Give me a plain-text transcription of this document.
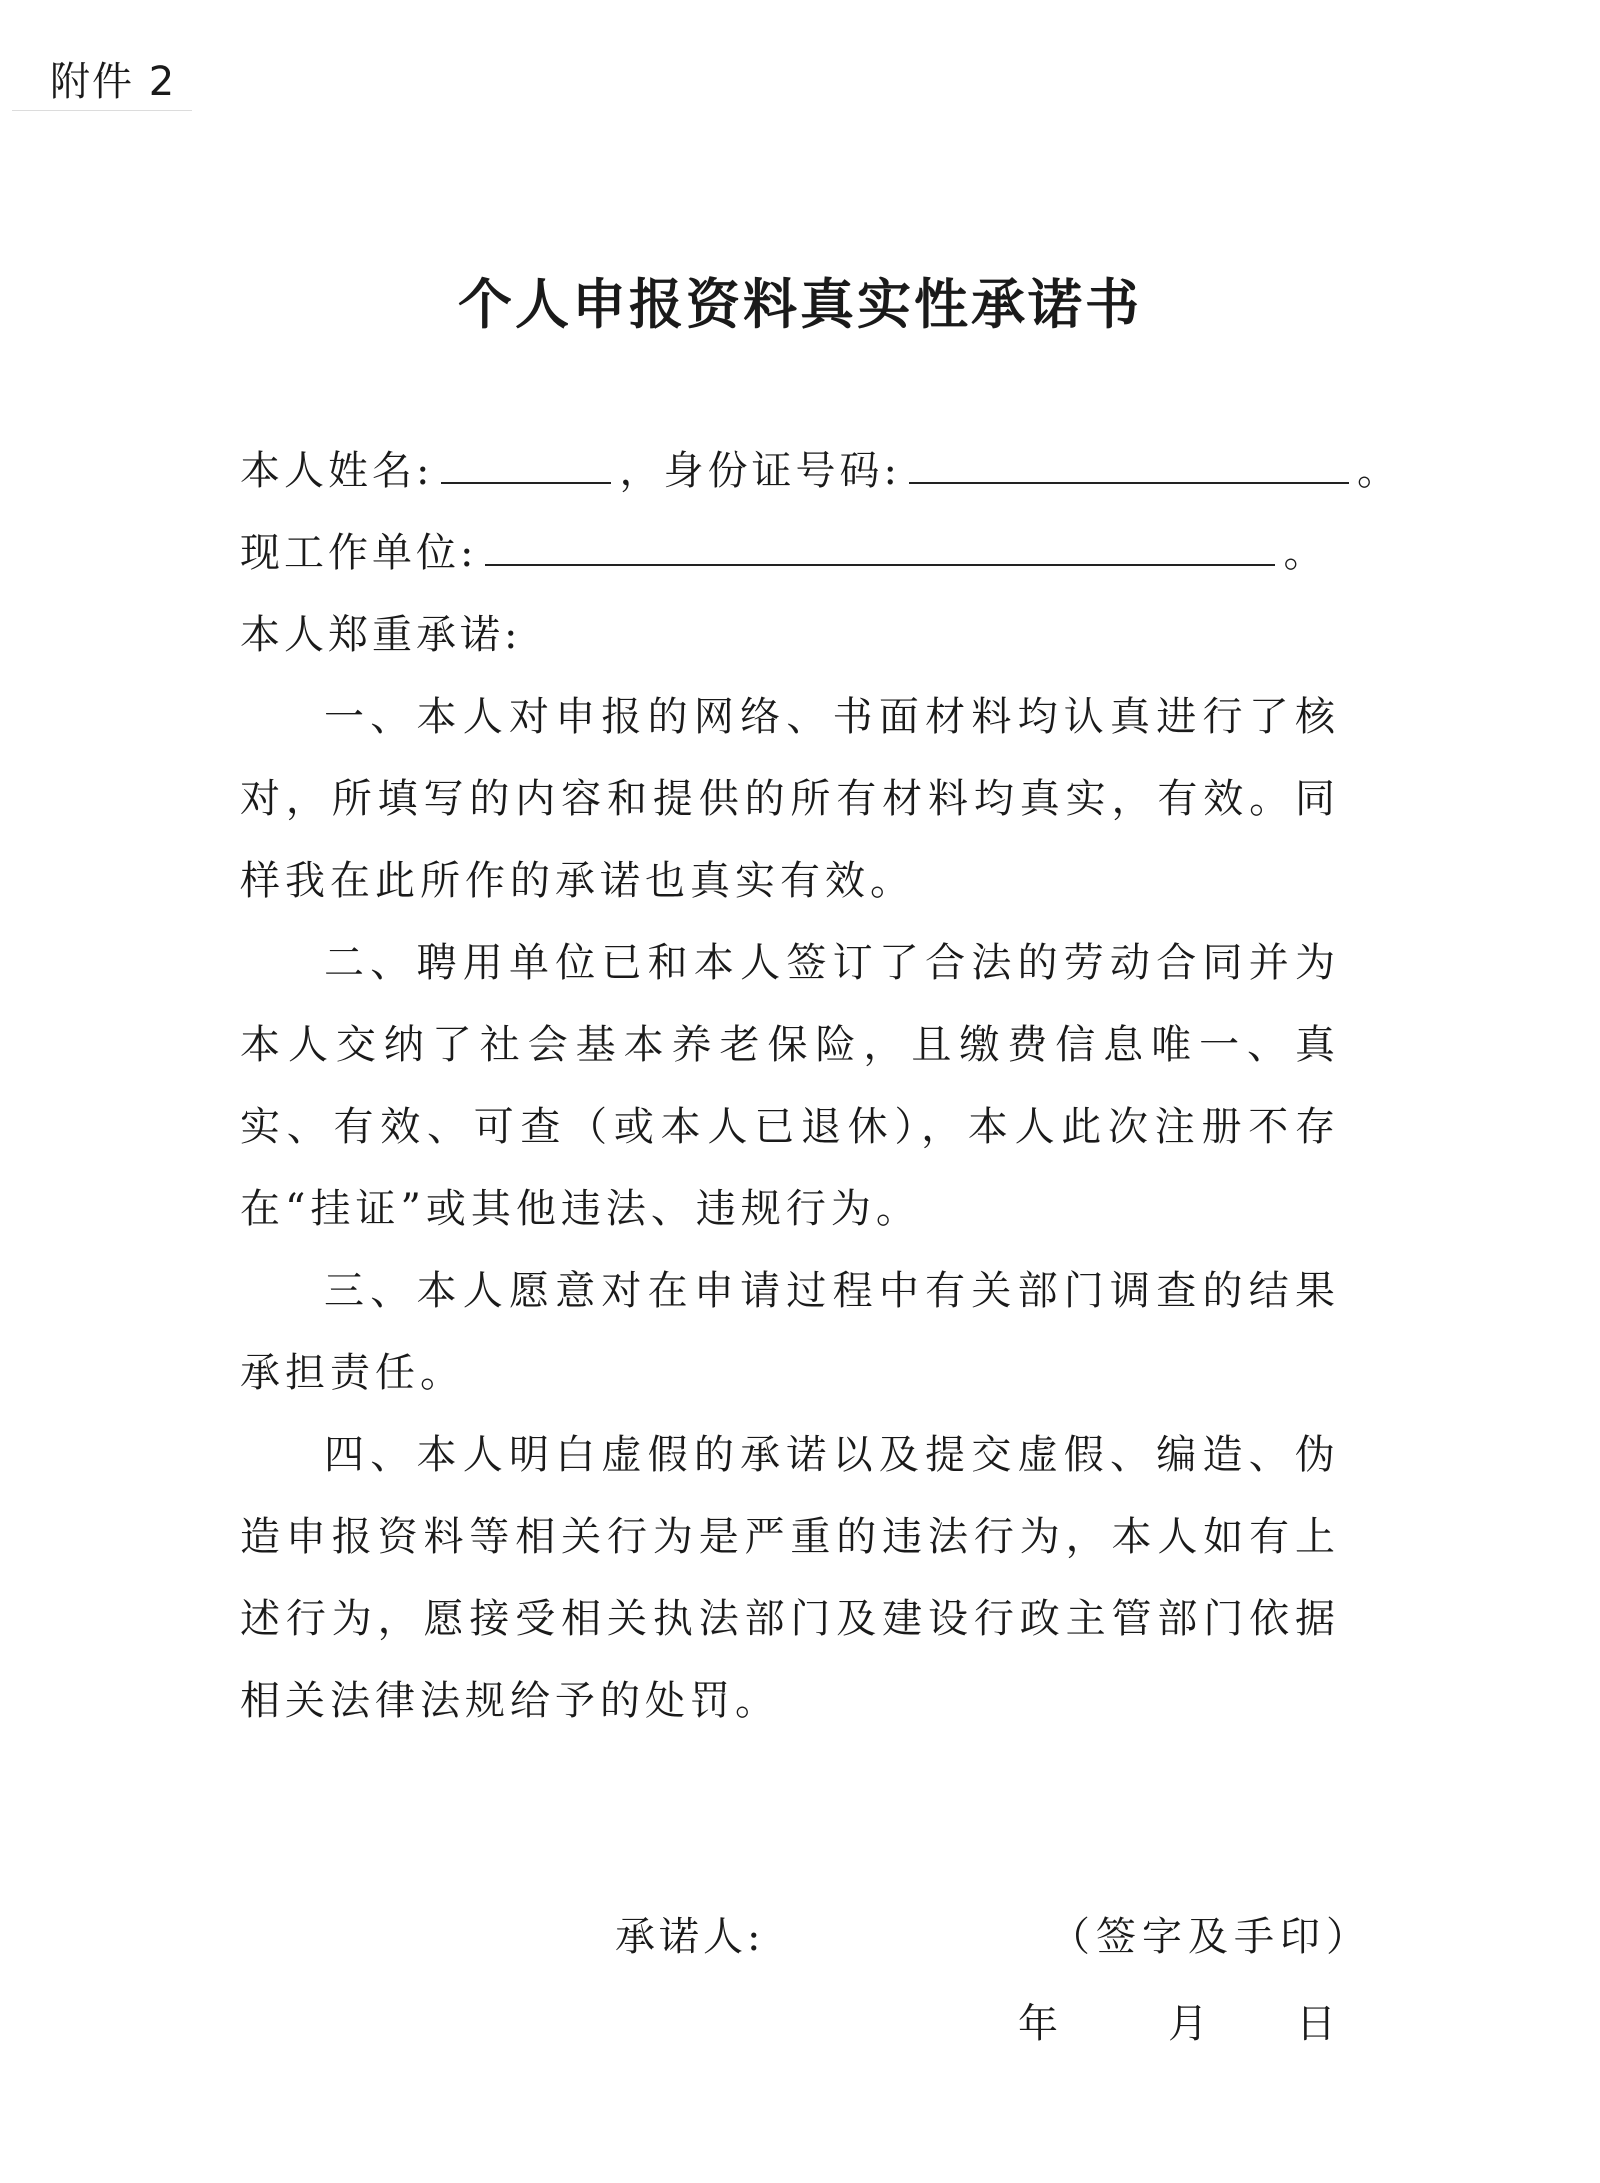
附件 2
个人申报资料真实性承诺书
本人姓名:	，身份证号码:	。
现工作单位:	。
本人郑重承诺:
一、本人对申报的网络、书面材料均认真进行了核对，所填写的内容和提供的所有材料均真实，有效。同样我在此所作的承诺也真实有效。
二、聘用单位已和本人签订了合法的劳动合同并为本人交纳了社会基本养老保险，且缴费信息唯一、真实、有效、可查（或本人已退休），本人此次注册不存在“挂证”或其他违法、违规行为。
三、本人愿意对在申请过程中有关部门调查的结果承担责任。
四、本人明白虚假的承诺以及提交虚假、编造、伪造申报资料等相关行为是严重的违法行为，本人如有上述行为，愿接受相关执法部门及建设行政主管部门依据相关法律法规给予的处罚。
承诺人:	（签字及手印）
年	月 日
